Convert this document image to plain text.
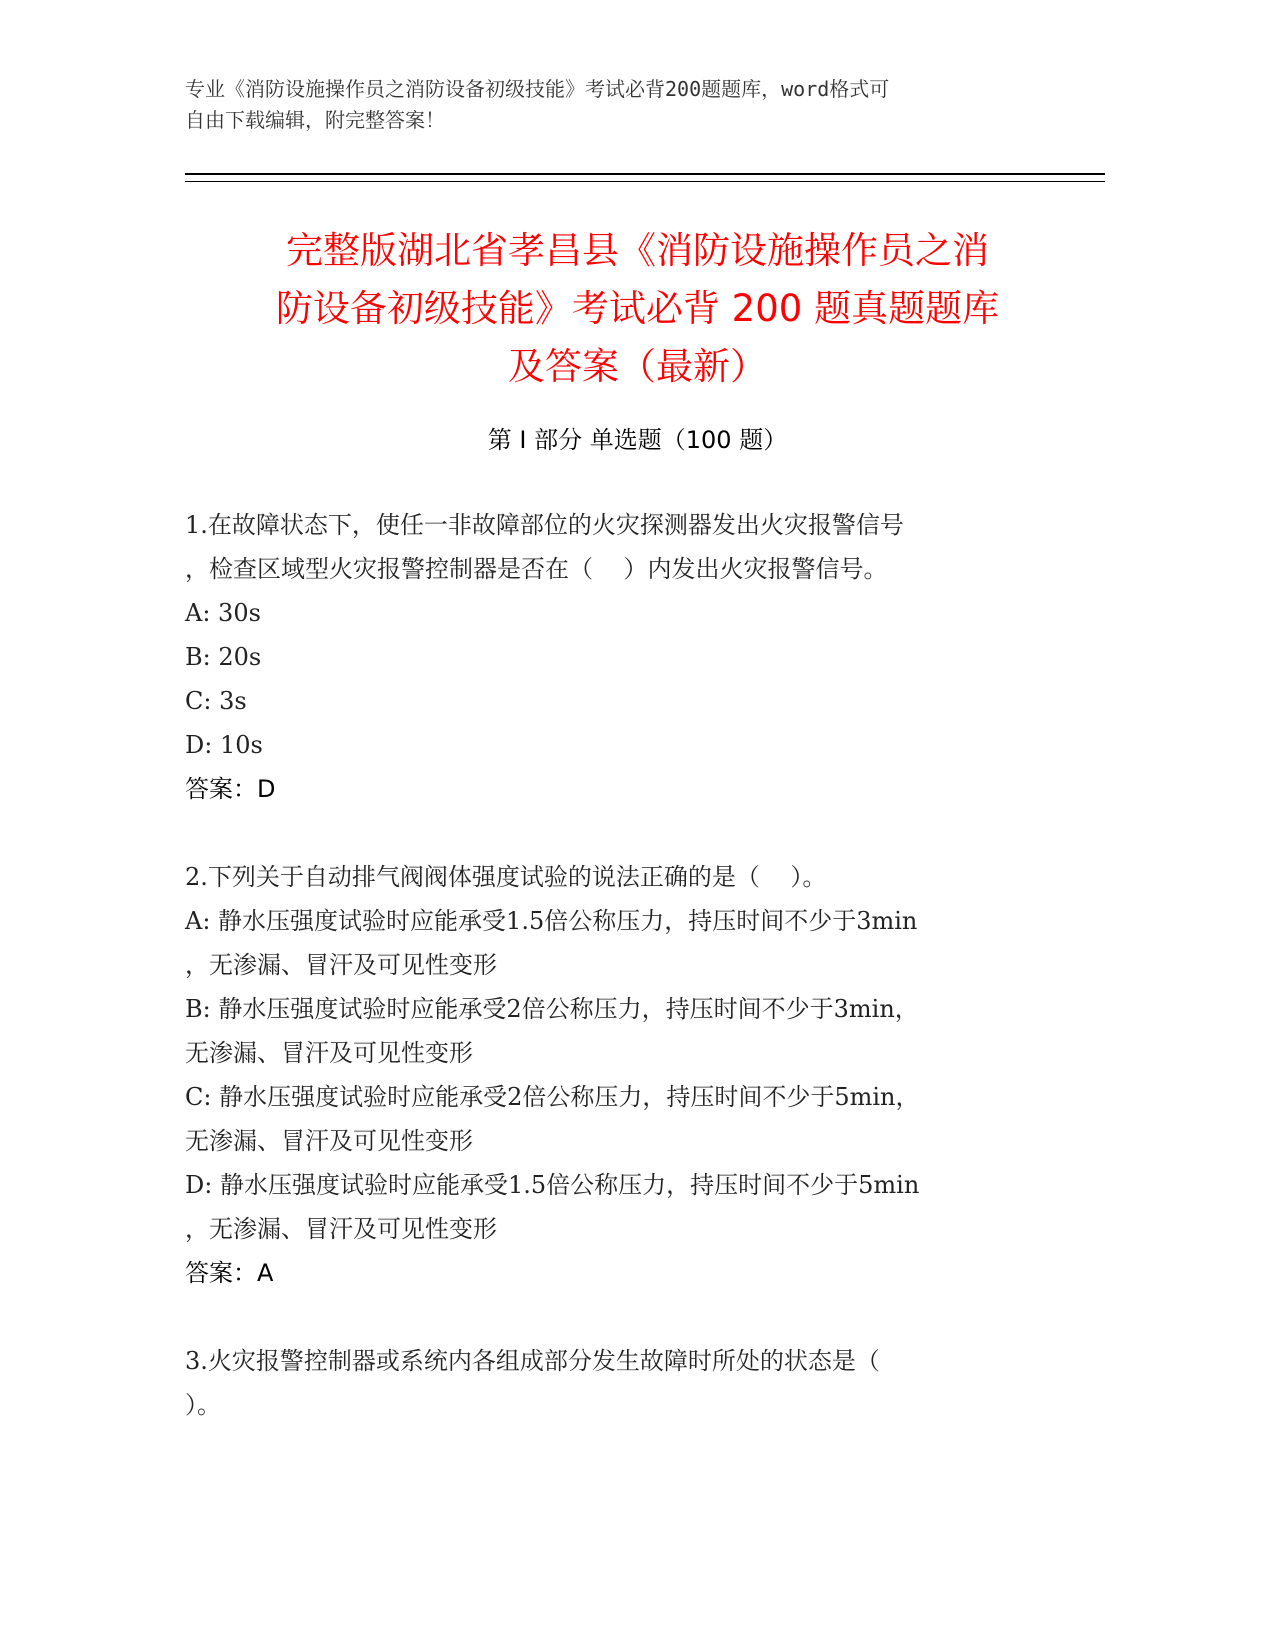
专业《消防设施操作员之消防设备初级技能》考试必背200题题库，word格式可
自由下载编辑，附完整答案！
完整版湖北省孝昌县《消防设施操作员之消
防设备初级技能》考试必背 200 题真题题库
及答案（最新）
第 I 部分 单选题（100 题）
1.在故障状态下，使任一非故障部位的火灾探测器发出火灾报警信号
，检查区域型火灾报警控制器是否在（    ）内发出火灾报警信号。
A: 30s
B: 20s
C: 3s
D: 10s
答案：D
2.下列关于自动排气阀阀体强度试验的说法正确的是（    ）。
A: 静水压强度试验时应能承受1.5倍公称压力，持压时间不少于3min
，无渗漏、冒汗及可见性变形
B: 静水压强度试验时应能承受2倍公称压力，持压时间不少于3min，
无渗漏、冒汗及可见性变形
C: 静水压强度试验时应能承受2倍公称压力，持压时间不少于5min，
无渗漏、冒汗及可见性变形
D: 静水压强度试验时应能承受1.5倍公称压力，持压时间不少于5min
，无渗漏、冒汗及可见性变形
答案：A
3.火灾报警控制器或系统内各组成部分发生故障时所处的状态是（
）。
